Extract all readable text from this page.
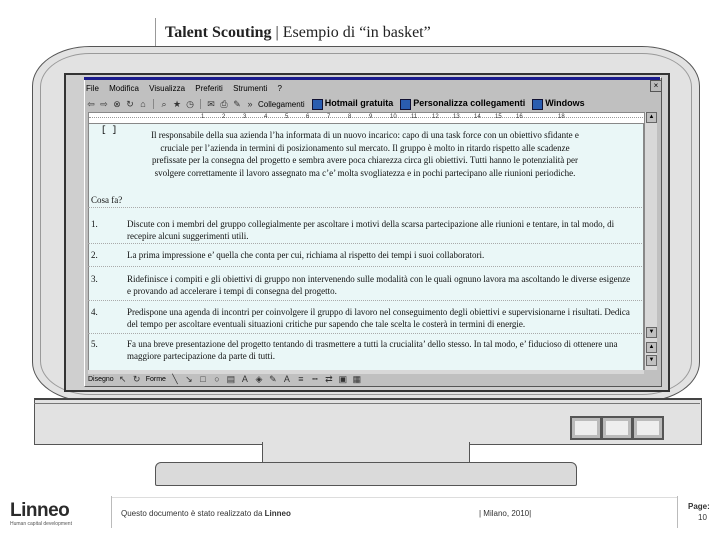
Talent Scouting | Esempio di “in basket”
×
File Modifica Visualizza Preferiti Strumenti ?
⇦ ⇨ ⊗ ↻ ⌂ ⌕ ★ ◷ ✉ ⎙ ✎ » Collegamenti	Hotmail gratuita	Personalizza collegamenti	Windows
1	2	3	4	5	6	7	8	9	10 11 12 13 14 15 16	18	▲
▼
▲
▼
[ ]	Il responsabile della sua azienda l’ha informata di un nuovo incarico: capo di una task force con un obiettivo sfidante e cruciale per l’azienda in termini di posizionamento sul mercato. Il gruppo è molto in ritardo rispetto alle scadenze prefissate per la consegna del progetto e sembra avere poca chiarezza circa gli obiettivi. Tutti hanno le potenzialità per svolgere correttamente il lavoro assegnato ma c’e’ molta svogliatezza e in pochi partecipano alle riunioni periodiche.
Cosa fa?
1.	Discute con i membri del gruppo collegialmente per ascoltare i motivi della scarsa partecipazione alle riunioni e tentare, in tal modo, di recepire alcuni suggerimenti utili.
2.	La prima impressione e’ quella che conta per cui, richiama al rispetto dei tempi i suoi collaboratori.
3.	Ridefinisce i compiti e gli obiettivi di gruppo non intervenendo sulle modalità con le quali ognuno lavora ma ascoltando le diverse esigenze e provando ad accelerare i tempi di consegna del progetto.
4.	Predispone una agenda di incontri per coinvolgere il gruppo di lavoro nel conseguimento degli obiettivi e supervisionarne i risultati. Dedica del tempo per ascoltare eventuali situazioni critiche pur sapendo che tale scelta le costerà in termini di energie.
5.	Fa una breve presentazione del progetto tentando di trasmettere a tutti la crucialita’ dello stesso. In tal modo, e’ fiducioso di ottenere una maggiore partecipazione da parte di tutti.
Disegno ↖ ↻ Forme ╲ ↘ □ ○ ▤ A ◈ ✎ A ≡ ┅ ⇄ ▣ ▦
Linneo
Human capital development
Questo documento è stato realizzato da Linneo	| Milano, 2010|
Page:
10
